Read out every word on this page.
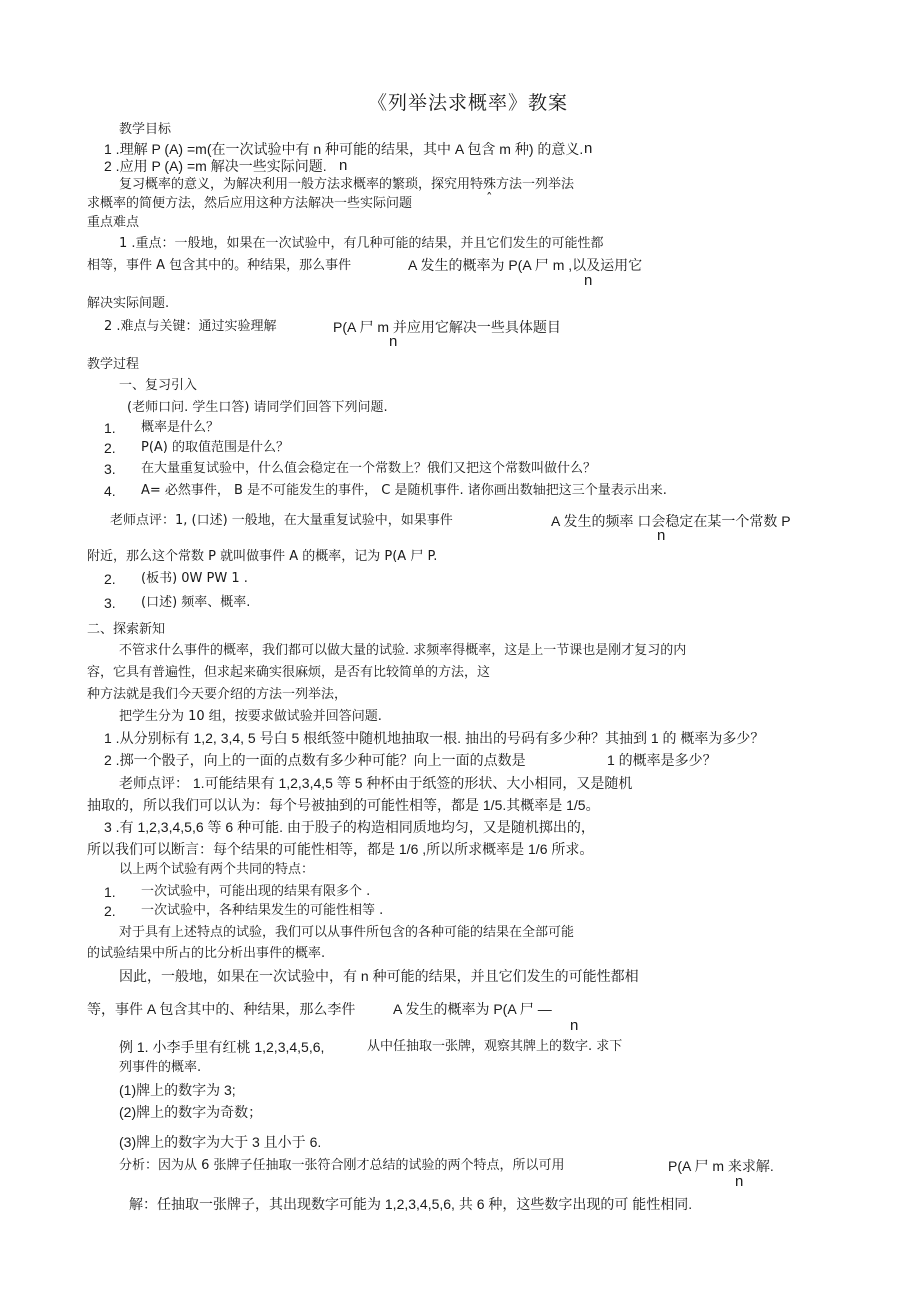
《列举法求概率》教案
教学目标
1 .理解 P (A) =m(在一次试验中有 n 种可能的结果，其中 A 包含 m 种) 的意义. n
2 .应用 P (A) =m 解决一些实际问题. n
复习概率的意义，为解决利用一般方法求概率的繁琐，探究用特殊方法一列举法
求概率的简便方法，然后应用这种方法解决一些实际问题	ˆ
重点难点
1 .重点：一般地，如果在一次试验中，有几种可能的结果，并且它们发生的可能性都
相等，事件 A 包含其中的。种结果，那么事件	A 发生的概率为 P(A 尸 m ,以及运用它
n
解决实际间题.
2 .难点与关键：通过实验理解	P(A 尸 m 并应用它解决一些具体题目
n
教学过程
一、复习引入
(老师口问. 学生口答) 请同学们回答下列问题.
1. 概率是什么？
2. P(A) 的取值范围是什么？
3. 在大量重复试验中，什么值会稳定在一个常数上？俄们又把这个常数叫做什么？
4. A= 必然事件， B 是不可能发生的事件， C 是随机事件. 诸你画出数轴把这三个量表示出来.
老师点评：1, (口述) 一般地，在大量重复试验中，如果事件	A 发生的频率 口会稳定在某一个常数 P
n
附近，那么这个常数 P 就叫做事件 A 的概率，记为 P(A 尸 P.
2. (板书) 0W PW 1 .
3. (口述) 频率、概率.
二、探索新知
不管求什么事件的概率，我们都可以做大量的试验. 求频率得概率，这是上一节课也是刚才复习的内
容，它具有普遍性，但求起来确实很麻烦，是否有比较简单的方法，这
种方法就是我们今天要介绍的方法一列举法，
把学生分为 10 组，按要求做试验并回答问题.
1 .从分别标有 1,2, 3,4, 5 号白 5 根纸签中随机地抽取一根. 抽出的号码有多少种？其抽到 1 的 概率为多少？
2 .掷一个骰子，向上的一面的点数有多少种可能？向上一面的点数是	1 的概率是多少？
老师点评： 1.可能结果有 1,2,3,4,5 等 5 种杯由于纸签的形状、大小相同，又是随机
抽取的，所以我们可以认为：每个号被抽到的可能性相等，都是 1/5.其概率是 1/5。
3 .有 1,2,3,4,5,6 等 6 种可能. 由于股子的构造相同质地均匀，又是随机掷出的，
所以我们可以断言：每个结果的可能性相等，都是 1/6 ,所以所求概率是 1/6 所求。
以上两个试验有两个共同的特点：
1. 一次试验中，可能出现的结果有限多个 .
2. 一次试验中，各种结果发生的可能性相等 .
对于具有上述特点的试验，我们可以从事件所包含的各种可能的结果在全部可能
的试验结果中所占的比分析出事件的概率.
因此，一般地，如果在一次试验中，有 n 种可能的结果，并且它们发生的可能性都相
等，事件 A 包含其中的、种结果，那么李件	A 发生的概率为 P(A 尸 —
n
例 1. 小李手里有红桃 1,2,3,4,5,6,	从中任抽取一张牌，观察其牌上的数字. 求下
列事件的概率.
(1)牌上的数字为 3;
(2)牌上的数字为奇数；
(3)牌上的数字为大于 3 且小于 6.
分析：因为从 6 张牌子任抽取一张符合刚才总结的试验的两个特点，所以可用	P(A 尸 m 来求解.
n
解：任抽取一张牌子，其出现数字可能为 1,2,3,4,5,6, 共 6 种，这些数字出现的可 能性相同.
